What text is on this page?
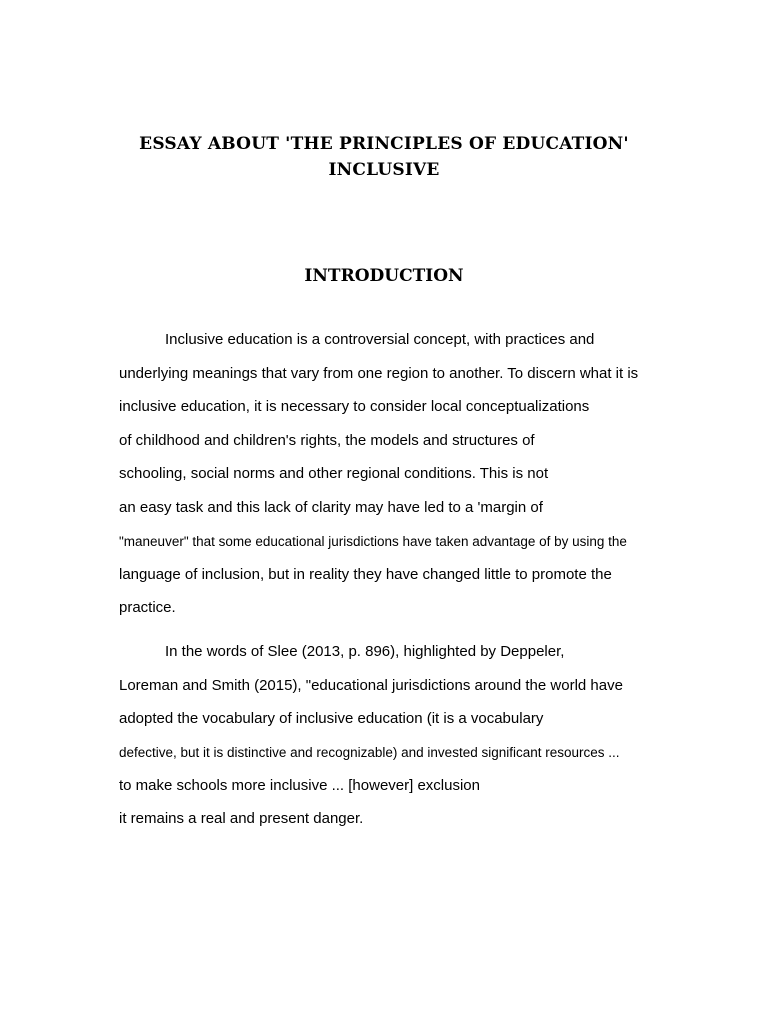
ESSAY ABOUT 'THE PRINCIPLES OF EDUCATION'
INCLUSIVE
INTRODUCTION
Inclusive education is a controversial concept, with practices and
underlying meanings that vary from one region to another. To discern what it is
inclusive education, it is necessary to consider local conceptualizations
of childhood and children's rights, the models and structures of
schooling, social norms and other regional conditions. This is not
an easy task and this lack of clarity may have led to a 'margin of
"maneuver" that some educational jurisdictions have taken advantage of by using the
language of inclusion, but in reality they have changed little to promote the
practice.
In the words of Slee (2013, p. 896), highlighted by Deppeler,
Loreman and Smith (2015), "educational jurisdictions around the world have
adopted the vocabulary of inclusive education (it is a vocabulary
defective, but it is distinctive and recognizable) and invested significant resources ...
to make schools more inclusive ... [however] exclusion
it remains a real and present danger.
